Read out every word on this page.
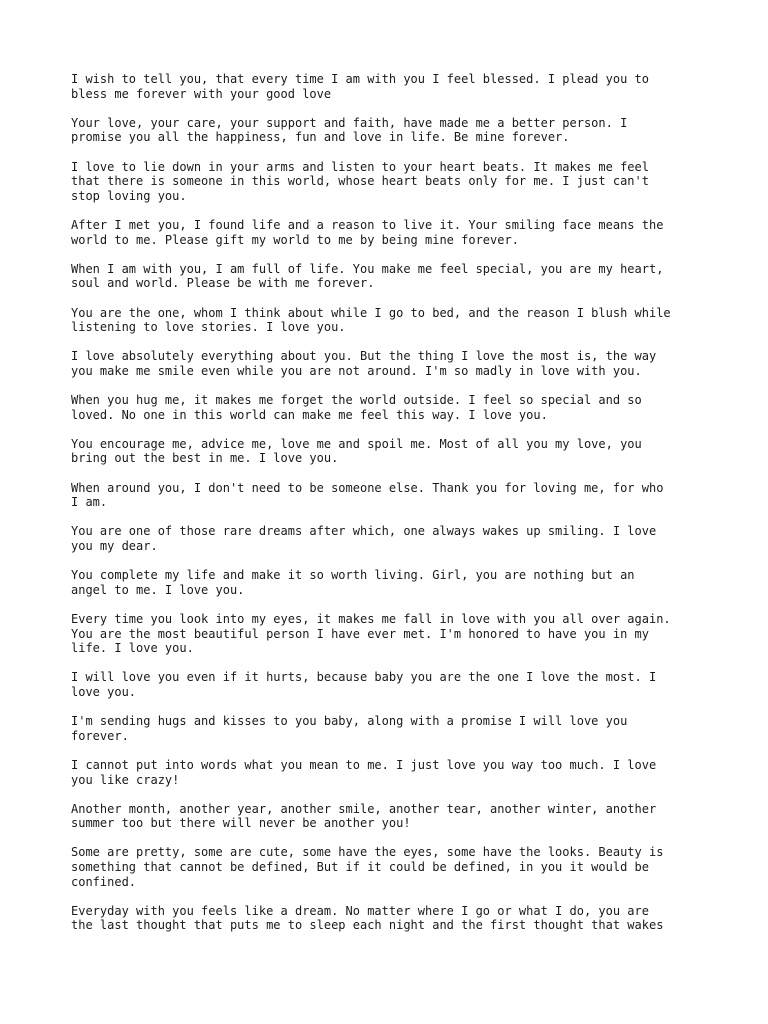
I wish to tell you, that every time I am with you I feel blessed. I plead you to
bless me forever with your good love

Your love, your care, your support and faith, have made me a better person. I
promise you all the happiness, fun and love in life. Be mine forever.

I love to lie down in your arms and listen to your heart beats. It makes me feel
that there is someone in this world, whose heart beats only for me. I just can't
stop loving you.

After I met you, I found life and a reason to live it. Your smiling face means the
world to me. Please gift my world to me by being mine forever.

When I am with you, I am full of life. You make me feel special, you are my heart,
soul and world. Please be with me forever.

You are the one, whom I think about while I go to bed, and the reason I blush while
listening to love stories. I love you.

I love absolutely everything about you. But the thing I love the most is, the way
you make me smile even while you are not around. I'm so madly in love with you.

When you hug me, it makes me forget the world outside. I feel so special and so
loved. No one in this world can make me feel this way. I love you.

You encourage me, advice me, love me and spoil me. Most of all you my love, you
bring out the best in me. I love you.

When around you, I don't need to be someone else. Thank you for loving me, for who
I am.

You are one of those rare dreams after which, one always wakes up smiling. I love
you my dear.

You complete my life and make it so worth living. Girl, you are nothing but an
angel to me. I love you.

Every time you look into my eyes, it makes me fall in love with you all over again.
You are the most beautiful person I have ever met. I'm honored to have you in my
life. I love you.

I will love you even if it hurts, because baby you are the one I love the most. I
love you.

I'm sending hugs and kisses to you baby, along with a promise I will love you
forever.

I cannot put into words what you mean to me. I just love you way too much. I love
you like crazy!

Another month, another year, another smile, another tear, another winter, another
summer too but there will never be another you!

Some are pretty, some are cute, some have the eyes, some have the looks. Beauty is
something that cannot be defined, But if it could be defined, in you it would be
confined.

Everyday with you feels like a dream. No matter where I go or what I do, you are
the last thought that puts me to sleep each night and the first thought that wakes
